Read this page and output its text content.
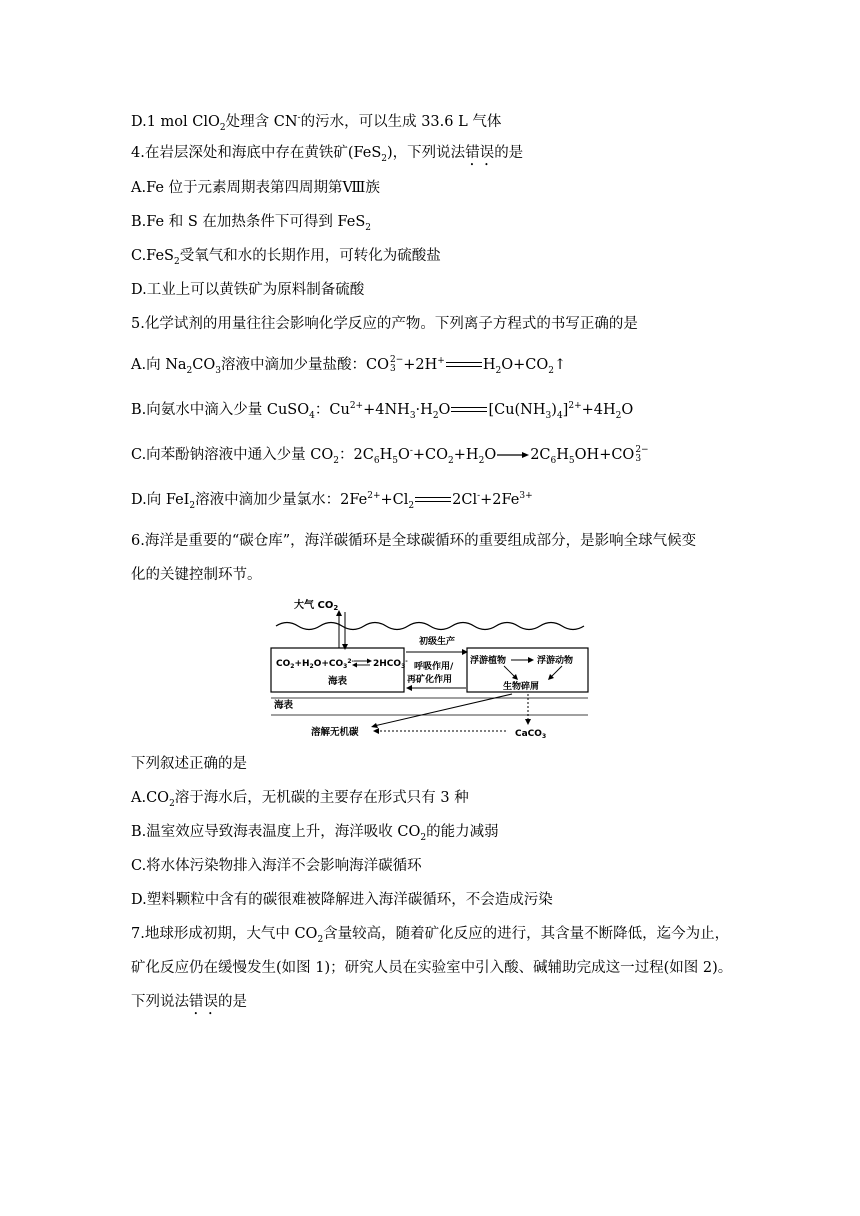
D.1 mol ClO$_2$处理含 CN-的污水，可以生成 33.6 L 气体
4.在岩层深处和海底中存在黄铁矿(FeS$_2$)，下列说法错误的是
A.Fe 位于元素周期表第四周期第Ⅷ族
B.Fe 和 S 在加热条件下可得到 FeS$_2$
C.FeS$_2$受氧气和水的长期作用，可转化为硫酸盐
D.工业上可以黄铁矿为原料制备硫酸
5.化学试剂的用量往往会影响化学反应的产物。下列离子方程式的书写正确的是
A.向 $Na_2CO_3$溶液中滴加少量盐酸：CO2−
3 +2H+	$H_2O+CO_2↑$
B.向氨水中滴入少量 CuSO$_4$：$Cu^{2+}+4NH_3\cdot H_2O$	$[Cu(NH_3)_4]^{2+}+4H_2O$
C.向苯酚钠溶液中通入少量 $CO_2$：$2C_6H_5O^-+CO_2+H_2O\to 2C_6H_5OH+CO2-$
3
D.向 FeI$_2$溶液中滴加少量氯水：$2Fe^{2+}+Cl_2$	$2Cl^-+2Fe^{3+}$
6.海洋是重要的“碳仓库”，海洋碳循环是全球碳循环的重要组成部分，是影响全球气候变
化的关键控制环节。
大气 $CO_2$
$CO_2+H_2O+CO_3^{2-}$ $2HCO_3^-$
海表
初级生产
呼吸作用/
再矿化作用
浮游植物	浮游动物
生物碎屑
海表
溶解无机碳	CaCO$_3$
下列叙述正确的是
$A.CO_2$溶于海水后，无机碳的主要存在形式只有 3 种
B.温室效应导致海表温度上升，海洋吸收 $CO_2$的能力减弱
C.将水体污染物排入海洋不会影响海洋碳循环
D.塑料颗粒中含有的碳很难被降解进入海洋碳循环，不会造成污染
7.地球形成初期，大气中 $CO_2$含量较高，随着矿化反应的进行，其含量不断降低，迄今为止，
矿化反应仍在缓慢发生(如图 1)；研究人员在实验室中引入酸、碱辅助完成这一过程(如图 2)。
下列说法错误的是
